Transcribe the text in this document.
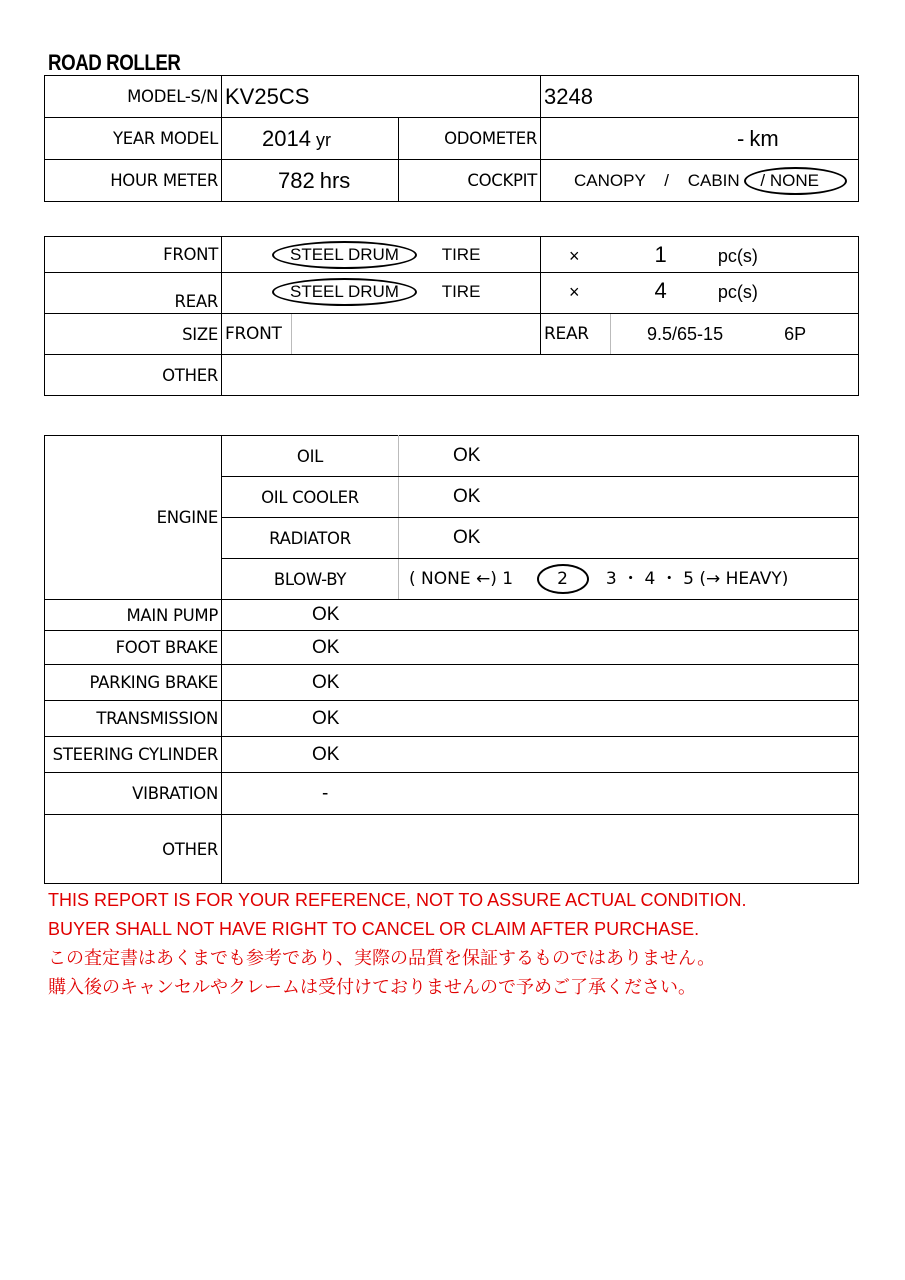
ROAD ROLLER
MODEL-S/N	KV25CS		3248
YEAR MODEL	2014 yr	ODOMETER	- km
HOUR METER	782 hrs	COCKPIT	CANOPY / CABIN / NONE
FRONT	STEEL DRUM TIRE		× 1 pc(s)	
REAR	STEEL DRUM TIRE		× 4 pc(s)	
SIZE	FRONT		REAR	9.5/65-15 6P
OTHER				
ENGINE	OIL	OK
	OIL COOLER	OK
	RADIATOR	OK
	BLOW-BY	( NONE ←) 1 2 3 ・ 4 ・ 5 (→ HEAVY)
MAIN PUMP	OK	
FOOT BRAKE	OK	
PARKING BRAKE	OK	
TRANSMISSION	OK	
STEERING CYLINDER	OK	
VIBRATION	-	
OTHER		
THIS REPORT IS FOR YOUR REFERENCE, NOT TO ASSURE ACTUAL CONDITION.
BUYER SHALL NOT HAVE RIGHT TO CANCEL OR CLAIM AFTER PURCHASE.
この査定書はあくまでも参考であり、実際の品質を保証するものではありません。
購入後のキャンセルやクレームは受付けておりませんので予めご了承ください。
